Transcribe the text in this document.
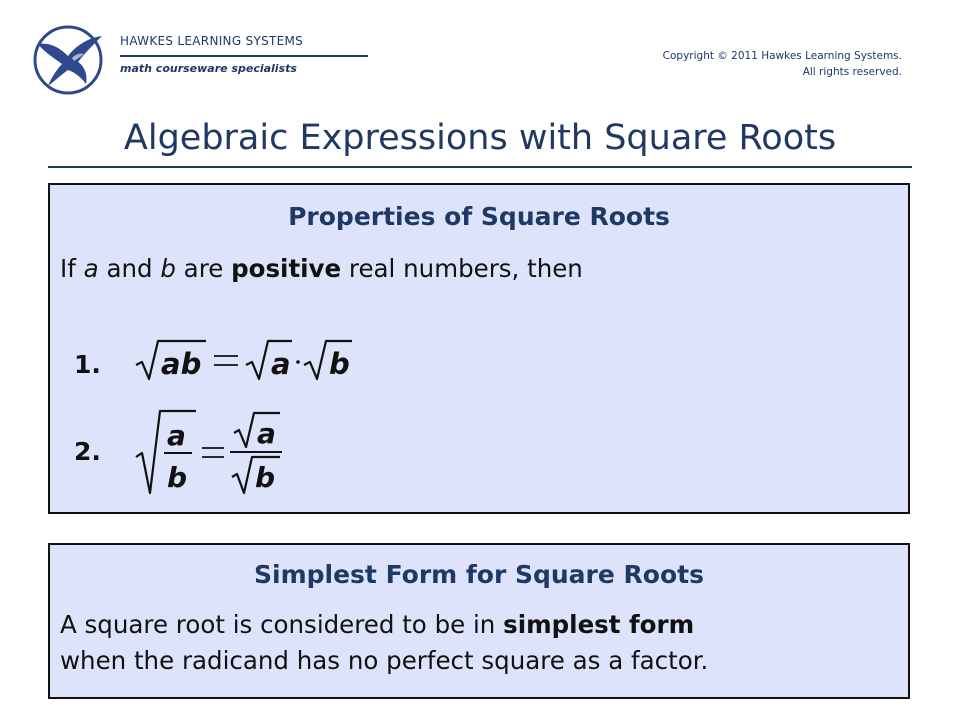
HAWKES LEARNING SYSTEMS
math courseware specialists
Copyright © 2011 Hawkes Learning Systems.
All rights reserved.
Algebraic Expressions with Square Roots
Properties of Square Roots
If a and b are positive real numbers, then
1. ab a b
2. a
b
a
b
Simplest Form for Square Roots
A square root is considered to be in simplest form
when the radicand has no perfect square as a factor.
